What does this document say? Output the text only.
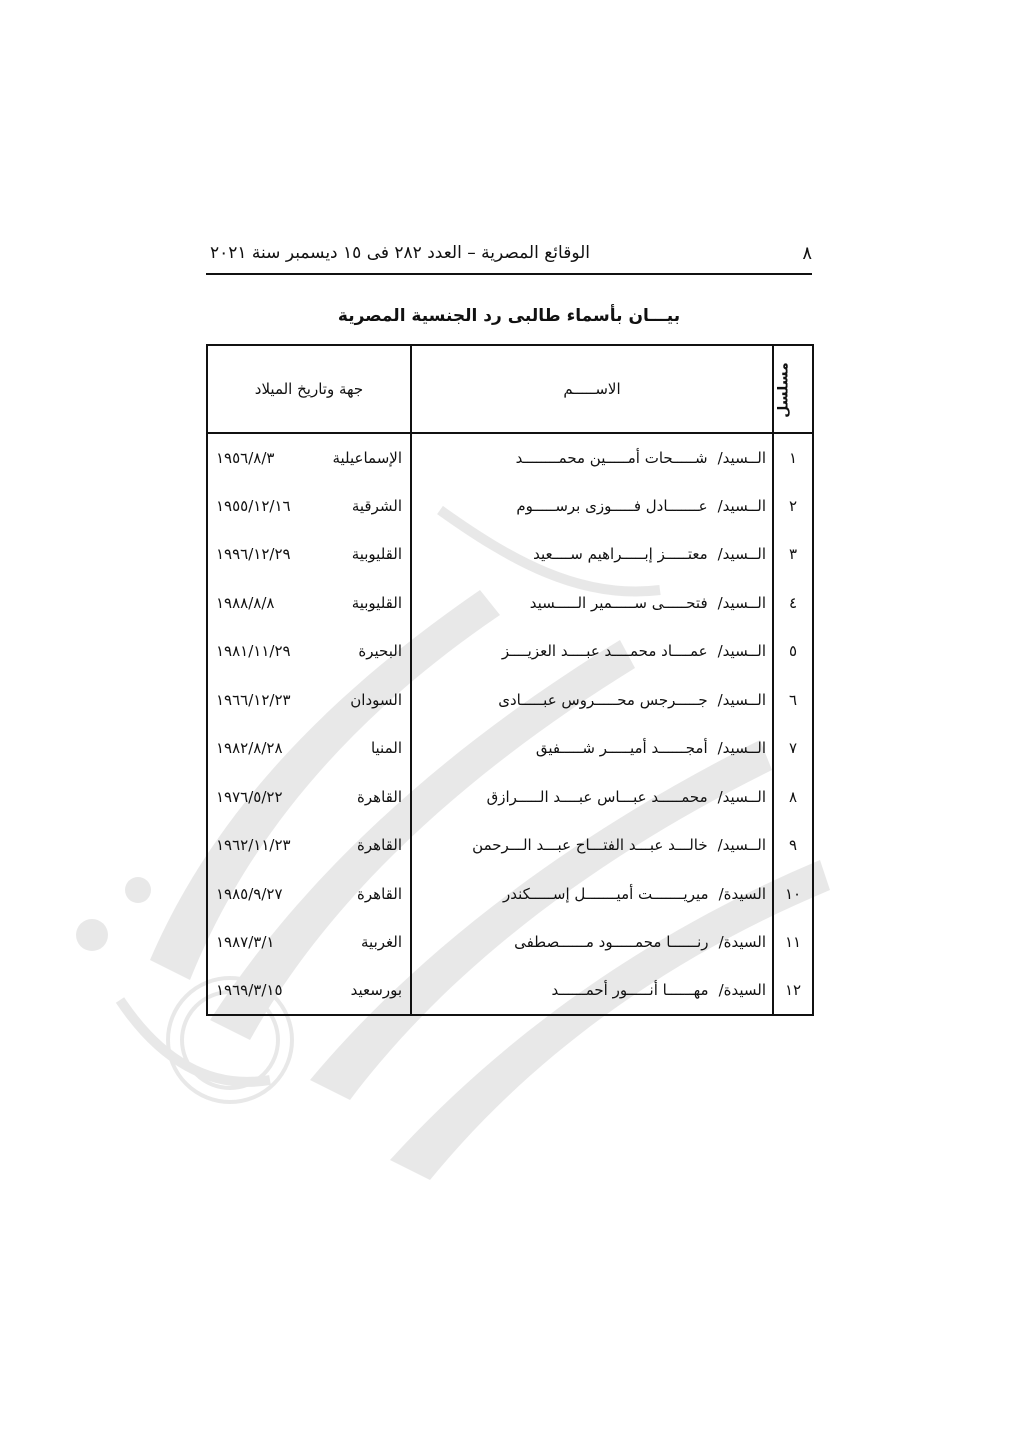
٨
الوقائع المصرية – العدد ٢٨٢ فى ١٥ ديسمبر سنة ٢٠٢١
بيـــان بأسماء طالبى رد الجنسية المصرية
مسلسل	الاســـــم	جهة وتاريخ الميلاد
١	الــسيد/شـــــحات أمـــــين محمــــــــد	الإسماعيلية
١٩٥٦/٨/٣

٢	الــسيد/عـــــــادل فـــــوزى برســـــوم	الشرقية
١٩٥٥/١٢/١٦

٣	الــسيد/معتـــــز إبـــــراهيم ســــعيد	القليوبية
١٩٩٦/١٢/٢٩

٤	الــسيد/فتحـــــى ســـــمير الـــــسيد	القليوبية
١٩٨٨/٨/٨

٥	الــسيد/عمــــاد محمــــد عبــــد العزيــــز	البحيرة
١٩٨١/١١/٢٩

٦	الــسيد/جـــــرجس محـــــروس عبـــــادى	السودان
١٩٦٦/١٢/٢٣

٧	الــسيد/أمجــــــد أميـــــر شـــــفيق	المنيا
١٩٨٢/٨/٢٨

٨	الــسيد/محمـــــد عبـــاس عبــــد الـــــرازق	القاهرة
١٩٧٦/٥/٢٢

٩	الــسيد/خالـــد عبـــد الفتـــاح عبـــد الـــرحمن	القاهرة
١٩٦٢/١١/٢٣

١٠	السيدة/ميريـــــــت أميـــــــل إســـــكندر	القاهرة
١٩٨٥/٩/٢٧

١١	السيدة/رنــــــا محمـــــود مــــــصطفى	الغربية
١٩٨٧/٣/١

١٢	السيدة/مهــــــا أنـــــور أحمــــــد	بورسعيد
١٩٦٩/٣/١٥
